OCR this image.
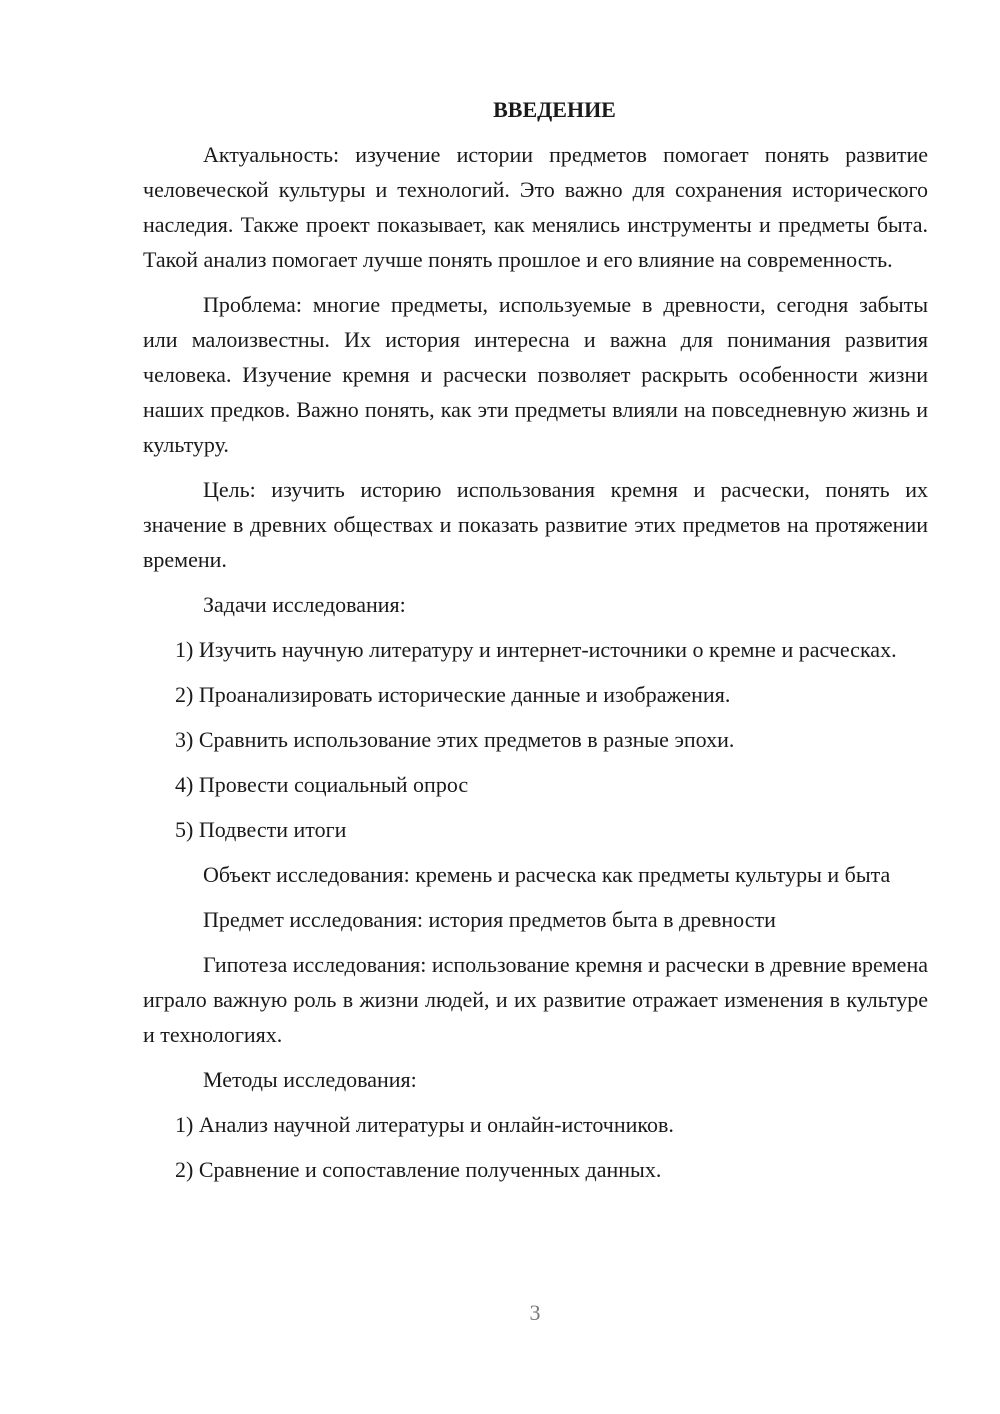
ВВЕДЕНИЕ

Актуальность: изучение истории предметов помогает понять развитие человеческой культуры и технологий. Это важно для сохранения исторического наследия. Также проект показывает, как менялись инструменты и предметы быта. Такой анализ помогает лучше понять прошлое и его влияние на современность.

Проблема: многие предметы, используемые в древности, сегодня забыты или малоизвестны. Их история интересна и важна для понимания развития человека. Изучение кремня и расчески позволяет раскрыть особенности жизни наших предков. Важно понять, как эти предметы влияли на повседневную жизнь и культуру.

Цель: изучить историю использования кремня и расчески, понять их значение в древних обществах и показать развитие этих предметов на протяжении времени.

Задачи исследования:

1) Изучить научную литературу и интернет-источники о кремне и расческах.

2) Проанализировать исторические данные и изображения.

3) Сравнить использование этих предметов в разные эпохи.

4) Провести социальный опрос

5) Подвести итоги

Объект исследования: кремень и расческа как предметы культуры и быта

Предмет исследования: история предметов быта в древности

Гипотеза исследования: использование кремня и расчески в древние времена играло важную роль в жизни людей, и их развитие отражает изменения в культуре и технологиях.

Методы исследования:

1) Анализ научной литературы и онлайн-источников.

2) Сравнение и сопоставление полученных данных.

3
